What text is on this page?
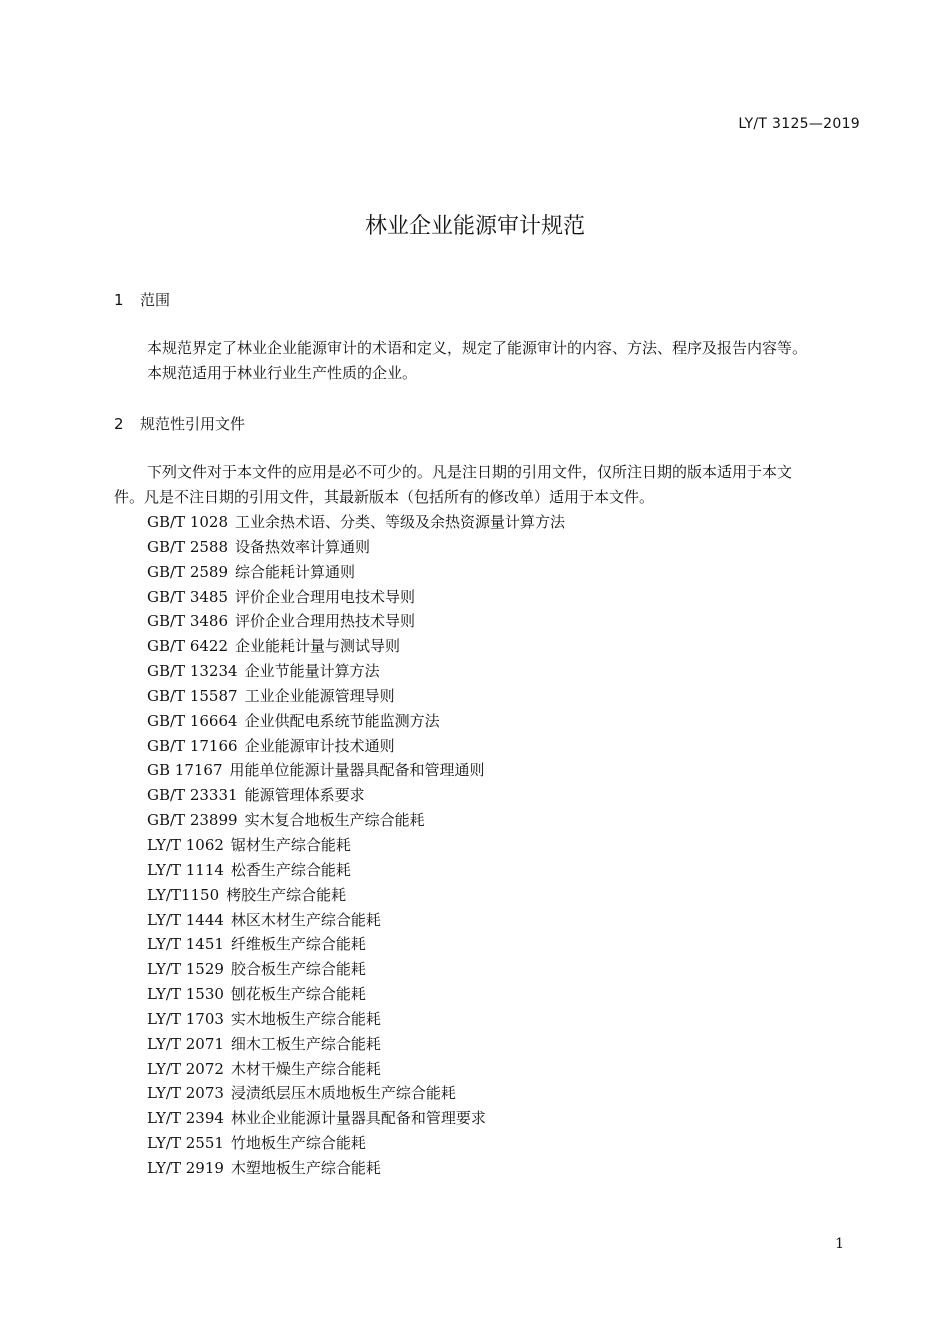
LY/T 3125—2019
林业企业能源审计规范
1 范围
本规范界定了林业企业能源审计的术语和定义，规定了能源审计的内容、方法、程序及报告内容等。
本规范适用于林业行业生产性质的企业。
2 规范性引用文件
下列文件对于本文件的应用是必不可少的。凡是注日期的引用文件，仅所注日期的版本适用于本文
件。凡是不注日期的引用文件，其最新版本（包括所有的修改单）适用于本文件。
GB/T 1028 工业余热术语、分类、等级及余热资源量计算方法
GB/T 2588 设备热效率计算通则
GB/T 2589 综合能耗计算通则
GB/T 3485 评价企业合理用电技术导则
GB/T 3486 评价企业合理用热技术导则
GB/T 6422 企业能耗计量与测试导则
GB/T 13234 企业节能量计算方法
GB/T 15587 工业企业能源管理导则
GB/T 16664 企业供配电系统节能监测方法
GB/T 17166 企业能源审计技术通则
GB 17167 用能单位能源计量器具配备和管理通则
GB/T 23331 能源管理体系要求
GB/T 23899 实木复合地板生产综合能耗
LY/T 1062 锯材生产综合能耗
LY/T 1114 松香生产综合能耗
LY/T1150 栲胶生产综合能耗
LY/T 1444 林区木材生产综合能耗
LY/T 1451 纤维板生产综合能耗
LY/T 1529 胶合板生产综合能耗
LY/T 1530 刨花板生产综合能耗
LY/T 1703 实木地板生产综合能耗
LY/T 2071 细木工板生产综合能耗
LY/T 2072 木材干燥生产综合能耗
LY/T 2073 浸渍纸层压木质地板生产综合能耗
LY/T 2394 林业企业能源计量器具配备和管理要求
LY/T 2551 竹地板生产综合能耗
LY/T 2919 木塑地板生产综合能耗
1
